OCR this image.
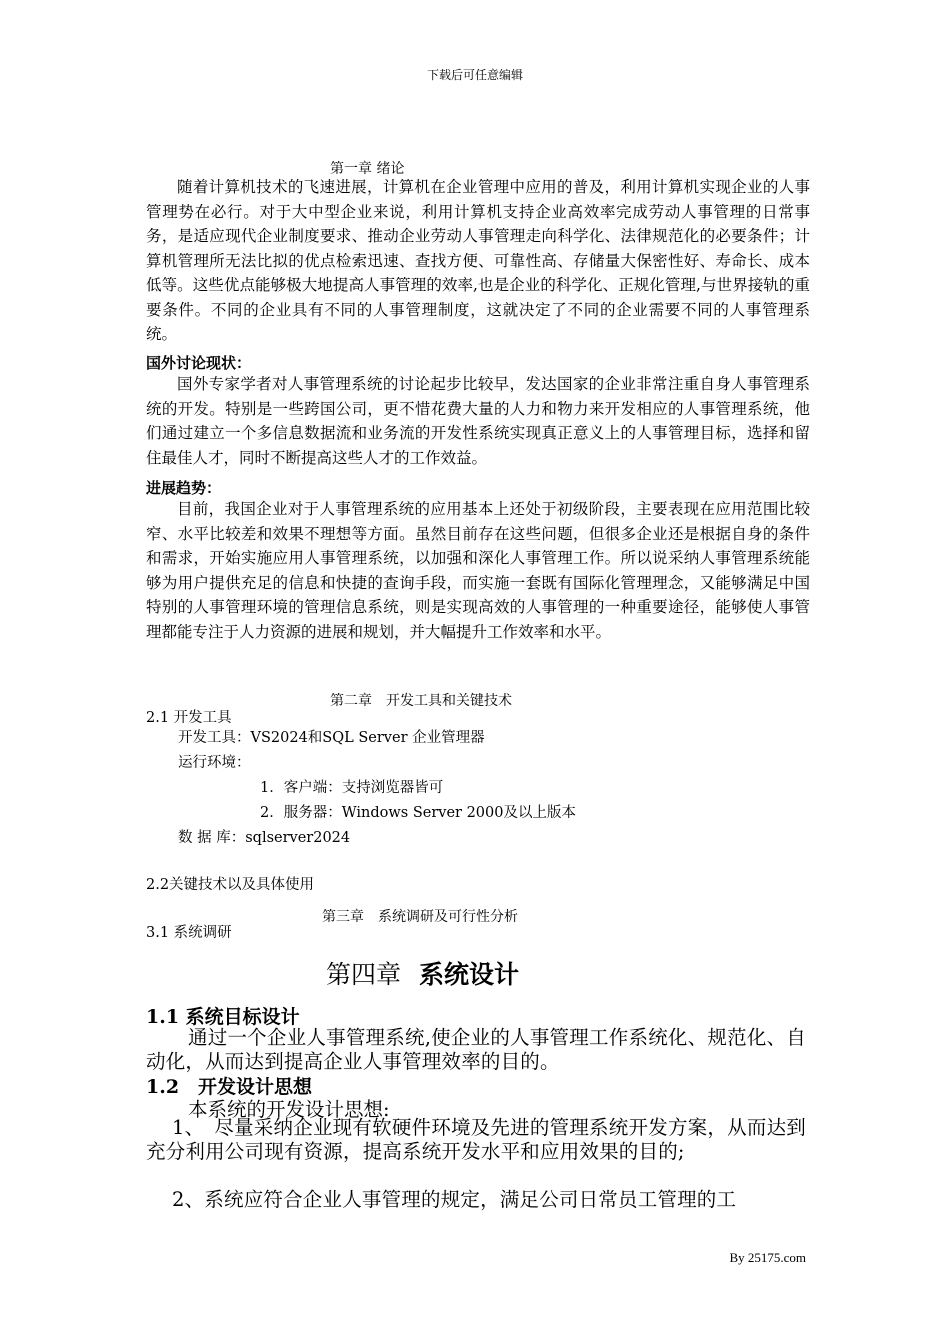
下载后可任意编辑
第一章 绪论
随着计算机技术的飞速进展，计算机在企业管理中应用的普及，利用计算机实现企业的人事管理势在必行。对于大中型企业来说，利用计算机支持企业高效率完成劳动人事管理的日常事务，是适应现代企业制度要求、推动企业劳动人事管理走向科学化、法律规范化的必要条件；计算机管理所无法比拟的优点检索迅速、查找方便、可靠性高、存储量大保密性好、寿命长、成本低等。这些优点能够极大地提高人事管理的效率,也是企业的科学化、正规化管理,与世界接轨的重要条件。不同的企业具有不同的人事管理制度，这就决定了不同的企业需要不同的人事管理系统。
国外讨论现状：
国外专家学者对人事管理系统的讨论起步比较早，发达国家的企业非常注重自身人事管理系统的开发。特别是一些跨国公司，更不惜花费大量的人力和物力来开发相应的人事管理系统，他们通过建立一个多信息数据流和业务流的开发性系统实现真正意义上的人事管理目标，选择和留住最佳人才，同时不断提高这些人才的工作效益。
进展趋势：
目前，我国企业对于人事管理系统的应用基本上还处于初级阶段，主要表现在应用范围比较窄、水平比较差和效果不理想等方面。虽然目前存在这些问题，但很多企业还是根据自身的条件和需求，开始实施应用人事管理系统，以加强和深化人事管理工作。所以说采纳人事管理系统能够为用户提供充足的信息和快捷的查询手段，而实施一套既有国际化管理理念，又能够满足中国特别的人事管理环境的管理信息系统，则是实现高效的人事管理的一种重要途径，能够使人事管理都能专注于人力资源的进展和规划，并大幅提升工作效率和水平。
第二章　开发工具和关键技术
2.1 开发工具
开发工具：VS2024和SQL Server 企业管理器
运行环境：
1．客户端：支持浏览器皆可
2．服务器：Windows Server 2000及以上版本
数 据 库：sqlserver2024
2.2关键技术以及具体使用
第三章　系统调研及可行性分析
3.1 系统调研
第四章 系统设计
1.1 系统目标设计
通过一个企业人事管理系统,使企业的人事管理工作系统化、规范化、自动化，从而达到提高企业人事管理效率的目的。
1.2　开发设计思想
本系统的开发设计思想:
1、　尽量采纳企业现有软硬件环境及先进的管理系统开发方案，从而达到充分利用公司现有资源，提高系统开发水平和应用效果的目的;
2、系统应符合企业人事管理的规定，满足公司日常员工管理的工
By 25175.com
